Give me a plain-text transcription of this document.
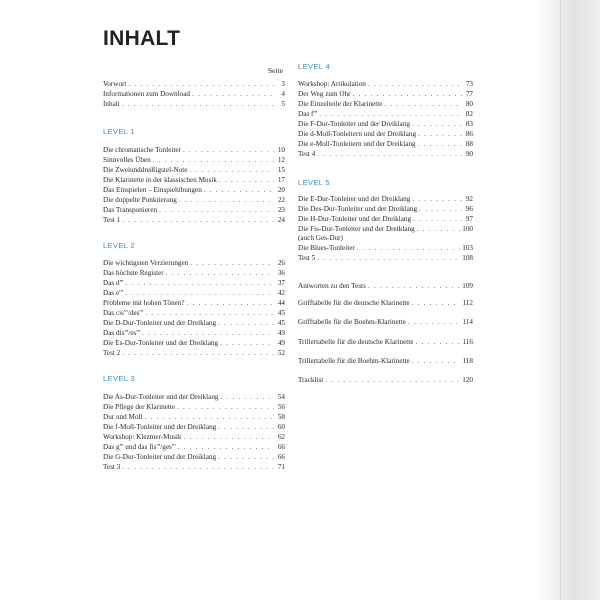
INHALT
Seite
Vorwort . . .	3
Informationen zum Download . . .	4
Inhalt . . .	5
LEVEL 1
Die chromatische Tonleiter . . .	10
Sinnvolles Üben . . .	12
Die Zweiunddreißigstel-Note . . .	15
Die Klarinette in der klassischen Musik . . .	17
Das Einspielen – Einspielübungen . . .	20
Die doppelte Punktierung . . .	22
Das Transponieren . . .	23
Test 1 . . .	24
LEVEL 2
Die wichtigsten Verzierungen . . .	26
Das höchste Register . . .	36
Das d''' . . .	37
Das e''' . . .	42
Probleme mit hohen Tönen? . . .	44
Das cis'''/des''' . . .	45
Die D-Dur-Tonleiter und der Dreiklang . . .	45
Das dis'''/es''' . . .	49
Die Es-Dur-Tonleiter und der Dreiklang . . .	49
Test 2 . . .	52
LEVEL 3
Die As-Dur-Tonleiter und der Dreiklang . . .	54
Die Pflege der Klarinette . . .	56
Dur und Moll . . .	58
Die f-Moll-Tonleiter und der Dreiklang . . .	60
Workshop: Klezmer-Musik . . .	62
Das g''' und das fis'''/ges''' . . .	66
Die G-Dur-Tonleiter und der Dreiklang . . .	66
Test 3 . . .	71
LEVEL 4
Workshop: Artikulation . . .	73
Der Weg zum Ohr . . .	77
Die Einzelteile der Klarinette . . .	80
Das f''' . . .	82
Die F-Dur-Tonleiter und der Dreiklang . . .	83
Die d-Moll-Tonleitern und der Dreiklang . . .	86
Die e-Moll-Tonleitern und der Dreiklang . . .	88
Test 4 . . .	90
LEVEL 5
Die E-Dur-Tonleiter und der Dreiklang . . .	92
Die Des-Dur-Tonleiter und der Dreiklang . . .	96
Die H-Dur-Tonleiter und der Dreiklang . . .	97
Die Fis-Dur-Tonleiter und der Dreiklang . . .	100
(auch Ges-Dur)
Die Blues-Tonleiter . . .	103
Test 5 . . .	108
Antworten zu den Tests . . .	109
Grifftabelle für die deutsche Klarinette . . .	112
Grifftabelle für die Boehm-Klarinette . . .	114
Trillertabelle für die deutsche Klarinette . . .	116
Trillertabelle für die Boehm-Klarinette . . .	118
Tracklist . . .	120
